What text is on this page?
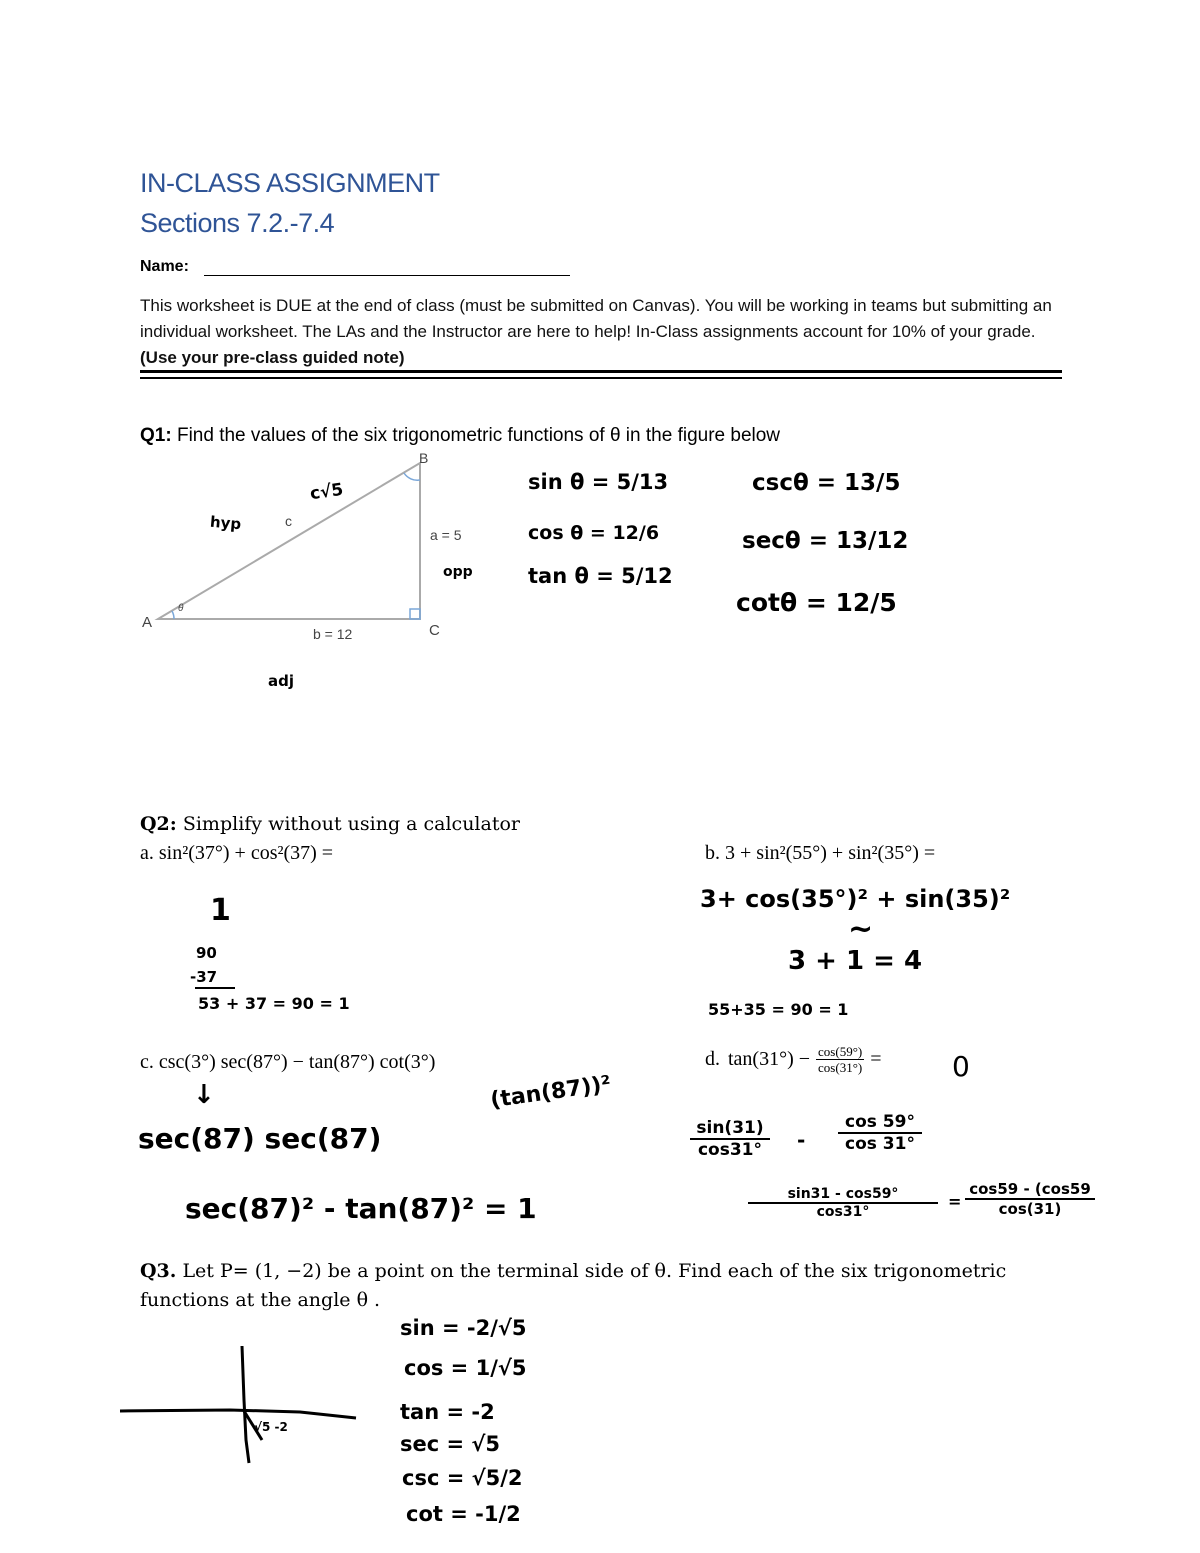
IN-CLASS ASSIGNMENT
Sections 7.2.-7.4
Name:
This worksheet is DUE at the end of class (must be submitted on Canvas). You will be working in teams but submitting an individual worksheet. The LAs and the Instructor are here to help! In-Class assignments account for 10% of your grade. (Use your pre-class guided note)
Q1: Find the values of the six trigonometric functions of θ in the figure below
A
B
C
a = 5
b = 12
c
θ
hyp
c√5
opp
adj
sin θ = 5/13
cos θ = 12/6
tan θ = 5/12
cscθ = 13/5
secθ = 13/12
cotθ = 12/5
Q2: Simplify without using a calculator
a. sin²(37°) + cos²(37) =
1
90
-37
53 + 37 = 90 = 1
b. 3 + sin²(55°) + sin²(35°) =
3+ cos(35°)² + sin(35)²
~
3 + 1 = 4
55+35 = 90 = 1
c. csc(3°) sec(87°) − tan(87°) cot(3°)
↓	(tan(87))²
sec(87) sec(87)
sec(87)² - tan(87)² = 1
d. $\tan(31^\circ) - \frac{\cos(59^\circ)}{\cos(31^\circ)}$ =	0
$\frac{\sin(31)}{\cos 31^\circ} - \frac{\cos 59^\circ}{\cos 31^\circ}$
$\frac{\sin 31 - \cos 59^\circ}{\cos 31^\circ} = \frac{\cos 59 - (\cos 59}{\cos(31)}$
Q3. Let P= (1, −2) be a point on the terminal side of θ. Find each of the six trigonometric functions at the angle θ .
√5 -2
sin = -2/√5
cos = 1/√5
tan = -2
sec = √5
csc = √5/2
cot = -1/2
